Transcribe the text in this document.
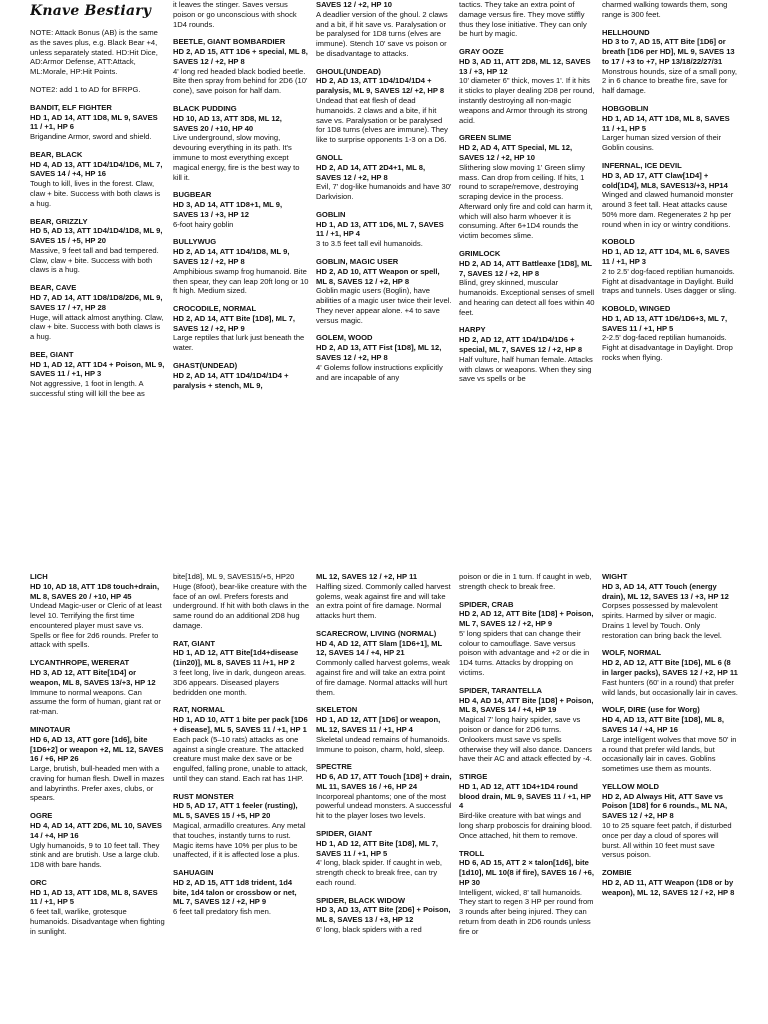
Knave Bestiary
NOTE: Attack Bonus (AB) is the same as the saves plus, e.g. Black Bear +4, unless separately stated. HD:Hit Dice, AD:Armor Defense, ATT:Attack, ML:Morale, HP:Hit Points.
NOTE2: add 1 to AD for BFRPG.
BANDIT, ELF FIGHTER
HD 1, AD 14, ATT 1D8, ML 9, SAVES 11 / +1, HP 6
Brigandine Armor, sword and shield.
BEAR, BLACK
HD 4, AD 13, ATT 1D4/1D4/1D6, ML 7, SAVES 14 / +4, HP 16
Tough to kill, lives in the forest. Claw, claw + bite. Success with both claws is a hug.
BEAR, GRIZZLY
HD 5, AD 13, ATT 1D4/1D4/1D8, ML 9, SAVES 15 / +5, HP 20
Massive, 9 feet tall and bad tempered. Claw, claw + bite. Success with both claws is a hug.
BEAR, CAVE
HD 7, AD 14, ATT 1D8/1D8/2D6, ML 9, SAVES 17 / +7, HP 28
Huge, will attack almost anything. Claw, claw + bite. Success with both claws is a hug.
BEE, GIANT
HD 1, AD 12, ATT 1D4 + Poison, ML 9, SAVES 11 / +1, HP 3
Not aggressive, 1 foot in length. A successful sting will kill the bee as
it leaves the stinger. Saves versus poison or go unconscious with shock 1D4 rounds.
BEETLE, GIANT BOMBARDIER
HD 2, AD 15, ATT 1D6 + special, ML 8, SAVES 12 / +2, HP 8
4' long red headed black bodied beetle. Bite then spray from behind for 2D6 (10' cone), save poison for half dam.
BLACK PUDDING
HD 10, AD 13, ATT 3D8, ML 12, SAVES 20 / +10, HP 40
Live underground, slow moving, devouring everything in its path. It's immune to most everything except magical energy, fire is the best way to kill it.
BUGBEAR
HD 3, AD 14, ATT 1D8+1, ML 9, SAVES 13 / +3, HP 12
6-foot hairy goblin
BULLYWUG
HD 2, AD 14, ATT 1D4/1D8, ML 9, SAVES 12 / +2, HP 8
Amphibious swamp frog humanoid. Bite then spear, they can leap 20ft long or 10 ft high. Medium sized.
CROCODILE, NORMAL
HD 2, AD 14, ATT Bite [1D8], ML 7, SAVES 12 / +2, HP 9
Large reptiles that lurk just beneath the water.
GHAST(UNDEAD)
HD 2, AD 14, ATT 1D4/1D4/1D4 + paralysis + stench, ML 9,
SAVES 12 / +2, HP 10
A deadlier version of the ghoul. 2 claws and a bit, if hit save vs. Paralysation or be paralysed for 1D8 turns (elves are immune). Stench 10' save vs poison or be disadvantage to attacks.
GHOUL(UNDEAD)
HD 2, AD 13, ATT 1D4/1D4/1D4 + paralysis, ML 9, SAVES 12/ +2, HP 8
Undead that eat flesh of dead humanoids. 2 claws and a bite, if hit save vs. Paralysation or be paralysed for 1D8 turns (elves are immune). They like to surprise opponents 1-3 on a D6.
GNOLL
HD 2, AD 14, ATT 2D4+1, ML 8, SAVES 12 / +2, HP 8
Evil, 7' dog-like humanoids and have 30' Darkvision.
GOBLIN
HD 1, AD 13, ATT 1D6, ML 7, SAVES 11 / +1, HP 4
3 to 3.5 feet tall evil humanoids.
GOBLIN, MAGIC USER
HD 2, AD 10, ATT Weapon or spell, ML 8, SAVES 12 / +2, HP 8
Goblin magic users (Boglin), have abilities of a magic user twice their level. They never appear alone. +4 to save versus magic.
GOLEM, WOOD
HD 2, AD 13, ATT Fist [1D8], ML 12, SAVES 12 / +2, HP 8
4' Golems follow instructions explicitly and are incapable of any
tactics. They take an extra point of damage versus fire. They move stiffly thus they lose initiative. They can only be hurt by magic.
GRAY OOZE
HD 3, AD 11, ATT 2D8, ML 12, SAVES 13 / +3, HP 12
10' diameter 6" thick, moves 1'. If it hits it sticks to player dealing 2D8 per round, instantly destroying all non-magic weapons and Armor through its strong acid.
GREEN SLIME
HD 2, AD 4, ATT Special, ML 12, SAVES 12 / +2, HP 10
Slithering slow moving 1' Green slimy mass. Can drop from ceiling. If hits, 1 round to scrape/remove, destroying scraping device in the process. Afterward only fire and cold can harm it, which will also harm whoever it is consuming. After 6+1D4 rounds the victim becomes slime.
GRIMLOCK
HD 2, AD 14, ATT Battleaxe [1D8], ML 7, SAVES 12 / +2, HP 8
Blind, grey skinned, muscular humanoids. Exceptional senses of smell and hearing can detect all foes within 40 feet.
HARPY
HD 2, AD 12, ATT 1D4/1D4/1D6 + special, ML 7, SAVES 12 / +2, HP 8
Half vulture, half human female. Attacks with claws or weapons. When they sing save vs spells or be
charmed walking towards them, song range is 300 feet.
HELLHOUND
HD 3 to 7, AD 15, ATT Bite [1D6] or breath [1D6 per HD], ML 9, SAVES 13 to 17 / +3 to +7, HP 13/18/22/27/31
Monstrous hounds, size of a small pony, 2 in 6 chance to breathe fire, save for half damage.
HOBGOBLIN
HD 1, AD 14, ATT 1D8, ML 8, SAVES 11 / +1, HP 5
Larger human sized version of their Goblin cousins.
INFERNAL, ICE DEVIL
HD 3, AD 17, ATT Claw[1D4] + cold[1D4], ML8, SAVES13/+3, HP14
Winged and clawed humanoid monster around 3 feet tall. Heat attacks cause 50% more dam. Regenerates 2 hp per round when in icy or wintry conditions.
KOBOLD
HD 1, AD 12, ATT 1D4, ML 6, SAVES 11 / +1, HP 3
2 to 2.5' dog-faced reptilian humanoids. Fight at disadvantage in Daylight. Build traps and tunnels. Uses dagger or sling.
KOBOLD, WINGED
HD 1, AD 13, ATT 1D6/1D6+3, ML 7, SAVES 11 / +1, HP 5
2-2.5' dog-faced reptilian humanoids. Fight at disadvantage in Daylight. Drop rocks when flying.
LICH
HD 10, AD 18, ATT 1D8 touch+drain, ML 8, SAVES 20 / +10, HP 45
Undead Magic-user or Cleric of at least level 10. Terrifying the first time encountered player must save vs. Spells or flee for 2d6 rounds. Prefer to attack with spells.
LYCANTHROPE, WERERAT
HD 3, AD 12, ATT Bite[1D4] or weapon, ML 8, SAVES 13/+3, HP 12
Immune to normal weapons. Can assume the form of human, giant rat or rat-man.
MINOTAUR
HD 6, AD 13, ATT gore [1d6], bite [1D6+2] or weapon +2, ML 12, SAVES 16 / +6, HP 26
Large, brutish, bull-headed men with a craving for human flesh. Dwell in mazes and labyrinths. Prefer axes, clubs, or spears.
OGRE
HD 4, AD 14, ATT 2D6, ML 10, SAVES 14 / +4, HP 16
Ugly humanoids, 9 to 10 feet tall. They stink and are brutish. Use a large club. 1D8 with bare hands.
ORC
HD 1, AD 13, ATT 1D8, ML 8, SAVES 11 / +1, HP 5
6 feet tall, warlike, grotesque humanoids. Disadvantage when fighting in sunlight.
bite[1d8], ML 9, SAVES15/+5, HP20 Huge (8foot), bear-like creature with the face of an owl. Prefers forests and underground. If hit with both claws in the same round do an additional 2D8 hug damage.
RAT, GIANT
HD 1, AD 12, ATT Bite[1d4+disease (1in20)], ML 8, SAVES 11 /+1, HP 2
3 feet long, live in dark, dungeon areas. 3D6 appears. Diseased players bedridden one month.
RAT, NORMAL
HD 1, AD 10, ATT 1 bite per pack [1D6 + disease], ML 5, SAVES 11 / +1, HP 1
Each pack (5–10 rats) attacks as one against a single creature. The attacked creature must make dex save or be engulfed, falling prone, unable to attack, until they can stand. Each rat has 1HP.
RUST MONSTER
HD 5, AD 17, ATT 1 feeler (rusting), ML 5, SAVES 15 / +5, HP 20
Magical, armadillo creatures. Any metal that touches, instantly turns to rust. Magic items have 10% per plus to be unaffected, if it is affected lose a plus.
SAHUAGIN
HD 2, AD 15, ATT 1d8 trident, 1d4 bite, 1d4 talon or crossbow or net, ML 7, SAVES 12 / +2, HP 9
6 feet tall predatory fish men.
ML 12, SAVES 12 / +2, HP 11
Halfling sized. Commonly called harvest golems, weak against fire and will take an extra point of fire damage. Normal attacks hurt them.
SCARECROW, LIVING (NORMAL)
HD 4, AD 12, ATT Slam [1D6+1], ML 12, SAVES 14 / +4, HP 21
Commonly called harvest golems, weak against fire and will take an extra point of fire damage. Normal attacks will hurt them.
SKELETON
HD 1, AD 12, ATT [1D6] or weapon, ML 12, SAVES 11 / +1, HP 4
Skeletal undead remains of humanoids. Immune to poison, charm, hold, sleep.
SPECTRE
HD 6, AD 17, ATT Touch [1D8] + drain, ML 11, SAVES 16 / +6, HP 24
Incorporeal phantoms; one of the most powerful undead monsters. A successful hit to the player loses two levels.
SPIDER, GIANT
HD 1, AD 12, ATT Bite [1D8], ML 7, SAVES 11 / +1, HP 5
4' long, black spider. If caught in web, strength check to break free, can try each round.
SPIDER, BLACK WIDOW
HD 3, AD 13, ATT Bite [2D6] + Poison, ML 8, SAVES 13 / +3, HP 12
6' long, black spiders with a red
poison or die in 1 turn. If caught in web, strength check to break free.
SPIDER, CRAB
HD 2, AD 12, ATT Bite [1D8] + Poison, ML 7, SAVES 12 / +2, HP 9
5' long spiders that can change their colour to camouflage. Save versus poison with advantage and +2 or die in 1D4 turns. Attacks by dropping on victims.
SPIDER, TARANTELLA
HD 4, AD 14, ATT Bite [1D8] + Poison, ML 8, SAVES 14 / +4, HP 19
Magical 7' long hairy spider, save vs poison or dance for 2D6 turns. Onlookers must save vs spells otherwise they will also dance. Dancers have their AC and attack effected by -4.
STIRGE
HD 1, AD 12, ATT 1D4+1D4 round blood drain, ML 9, SAVES 11 / +1, HP 4
Bird-like creature with bat wings and long sharp proboscis for draining blood. Once attached, hit them to remove.
TROLL
HD 6, AD 15, ATT 2 × talon[1d6], bite [1d10], ML 10(8 if fire), SAVES 16 / +6, HP 30
Intelligent, wicked, 8' tall humanoids. They start to regen 3 HP per round from 3 rounds after being injured. They can return from death in 2D6 rounds unless fire or
WIGHT
HD 3, AD 14, ATT Touch (energy drain), ML 12, SAVES 13 / +3, HP 12
Corpses possessed by malevolent spirits. Harmed by silver or magic. Drains 1 level by Touch. Only restoration can bring back the level.
WOLF, NORMAL
HD 2, AD 12, ATT Bite [1D6], ML 6 (8 in larger packs), SAVES 12 / +2, HP 11
Fast hunters (60' in a round) that prefer wild lands, but occasionally lair in caves.
WOLF, DIRE (use for Worg)
HD 4, AD 13, ATT Bite [1D8], ML 8, SAVES 14 / +4, HP 16
Large intelligent wolves that move 50' in a round that prefer wild lands, but occasionally lair in caves. Goblins sometimes use them as mounts.
YELLOW MOLD
HD 2, AD Always Hit, ATT Save vs Poison [1D8] for 6 rounds., ML NA, SAVES 12 / +2, HP 8
10 to 25 square feet patch, if disturbed once per day a cloud of spores will burst. All within 10 feet must save versus poison.
ZOMBIE
HD 2, AD 11, ATT Weapon (1D8 or by weapon), ML 12, SAVES 12 / +2, HP 8
